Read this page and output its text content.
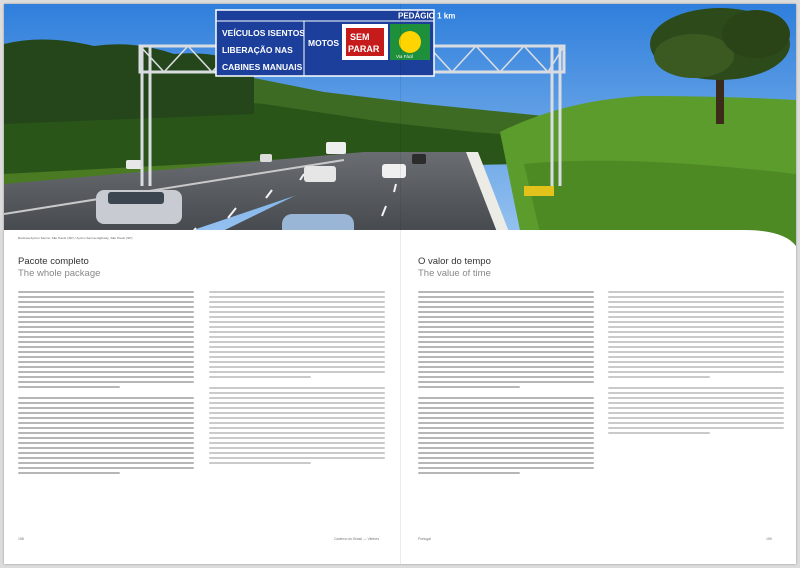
PEDÁGIO 1 km
VEÍCULOS ISENTOS
LIBERAÇÃO NAS
CABINES MANUAIS
MOTOS
SEM
PARAR
Via Fácil
Rodovia Ayrton Senna, São Paulo (SP) / Ayrton Senna Highway, São Paulo (SP)
Pacote completo
The whole package
158	Caderno do Brasil — Vitrines
O valor do tempo
The value of time
Portugal	159
